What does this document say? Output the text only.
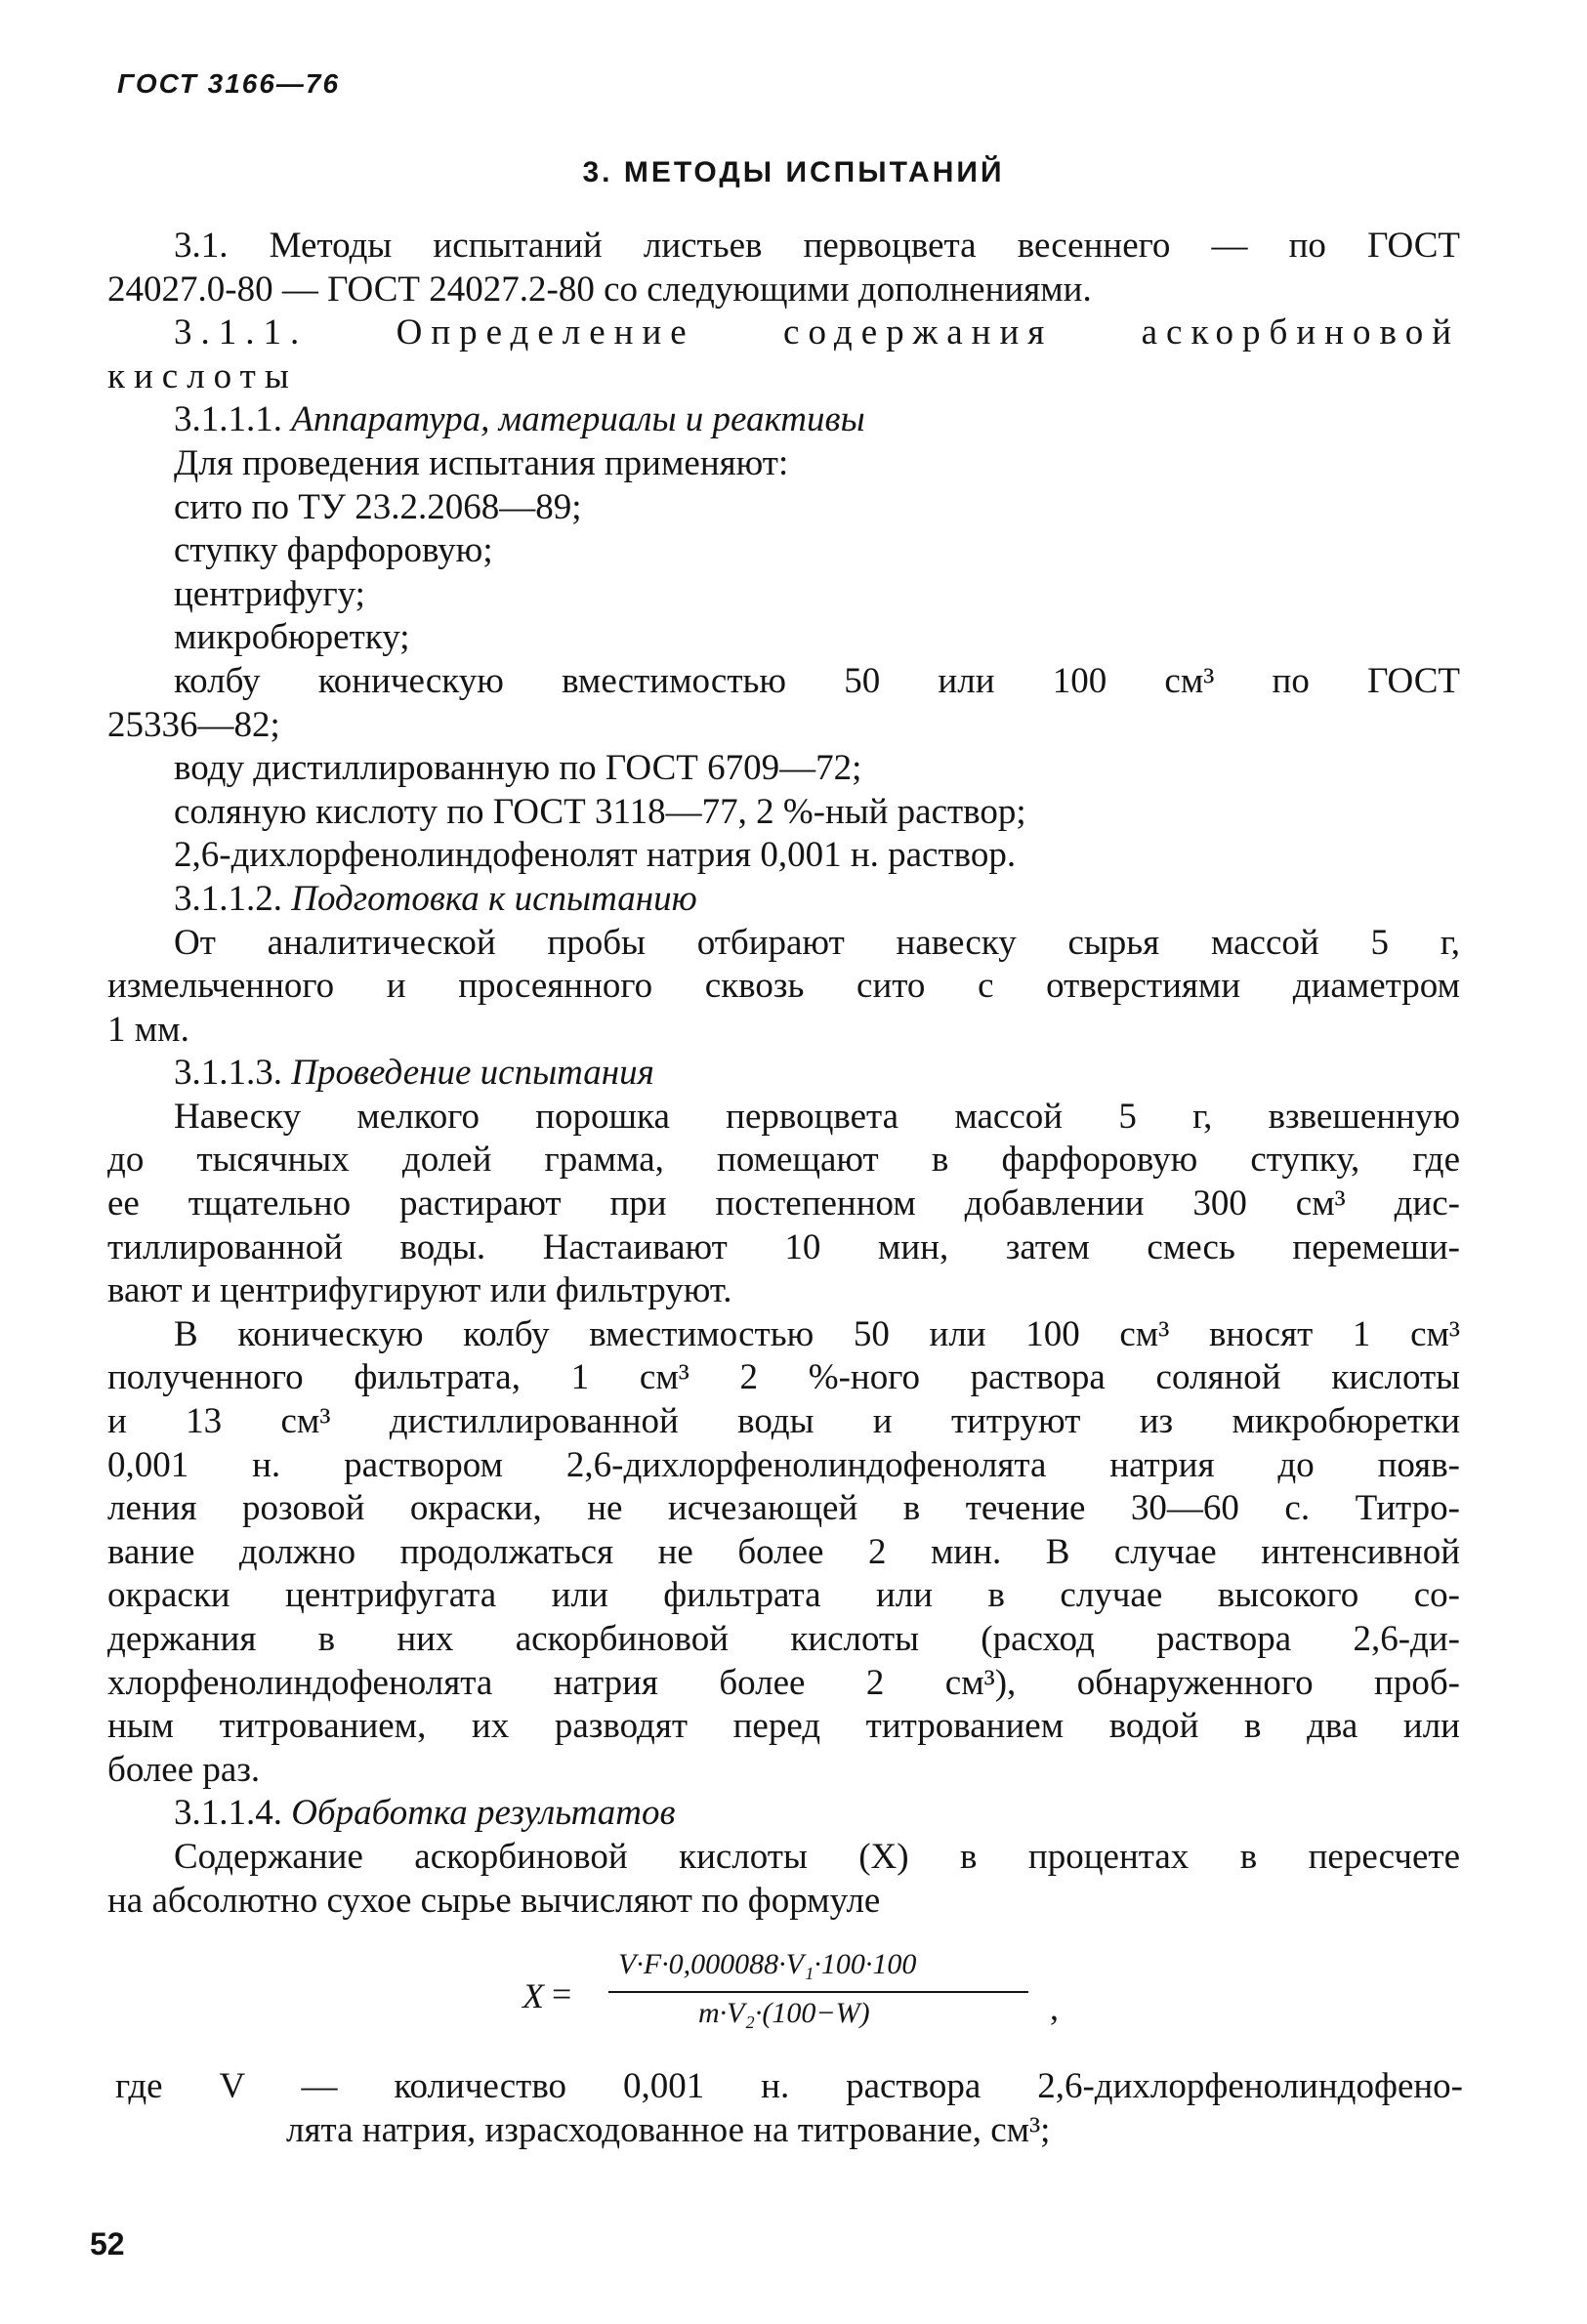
ГОСТ 3166—76
3. МЕТОДЫ ИСПЫТАНИЙ
3.1. Методы испытаний листьев первоцвета весеннего — по ГОСТ
24027.0-80 — ГОСТ 24027.2-80 со следующими дополнениями.
3.1.1. Определение содержания аскорбиновой
кислоты
3.1.1.1. Аппаратура, материалы и реактивы
Для проведения испытания применяют:
сито по ТУ 23.2.2068—89;
ступку фарфоровую;
центрифугу;
микробюретку;
колбу коническую вместимостью 50 или 100 см³ по ГОСТ
25336—82;
воду дистиллированную по ГОСТ 6709—72;
соляную кислоту по ГОСТ 3118—77, 2 %-ный раствор;
2,6-дихлорфенолиндофенолят натрия 0,001 н. раствор.
3.1.1.2. Подготовка к испытанию
От аналитической пробы отбирают навеску сырья массой 5 г,
измельченного и просеянного сквозь сито с отверстиями диаметром
1 мм.
3.1.1.3. Проведение испытания
Навеску мелкого порошка первоцвета массой 5 г, взвешенную
до тысячных долей грамма, помещают в фарфоровую ступку, где
ее тщательно растирают при постепенном добавлении 300 см³ дис-
тиллированной воды. Настаивают 10 мин, затем смесь перемеши-
вают и центрифугируют или фильтруют.
В коническую колбу вместимостью 50 или 100 см³ вносят 1 см³
полученного фильтрата, 1 см³ 2 %-ного раствора соляной кислоты
и 13 см³ дистиллированной воды и титруют из микробюретки
0,001 н. раствором 2,6-дихлорфенолиндофенолята натрия до появ-
ления розовой окраски, не исчезающей в течение 30—60 с. Титро-
вание должно продолжаться не более 2 мин. В случае интенсивной
окраски центрифугата или фильтрата или в случае высокого со-
держания в них аскорбиновой кислоты (расход раствора 2,6-ди-
хлорфенолиндофенолята натрия более 2 см³), обнаруженного проб-
ным титрованием, их разводят перед титрованием водой в два или
более раз.
3.1.1.4. Обработка результатов
Содержание аскорбиновой кислоты (X) в процентах в пересчете
на абсолютно сухое сырье вычисляют по формуле
X =
V·F·0,000088·V₁·100·100
m·V₂·(100−W)	,
где V — количество 0,001 н. раствора 2,6-дихлорфенолиндофено-
лята натрия, израсходованное на титрование, см³;
52
